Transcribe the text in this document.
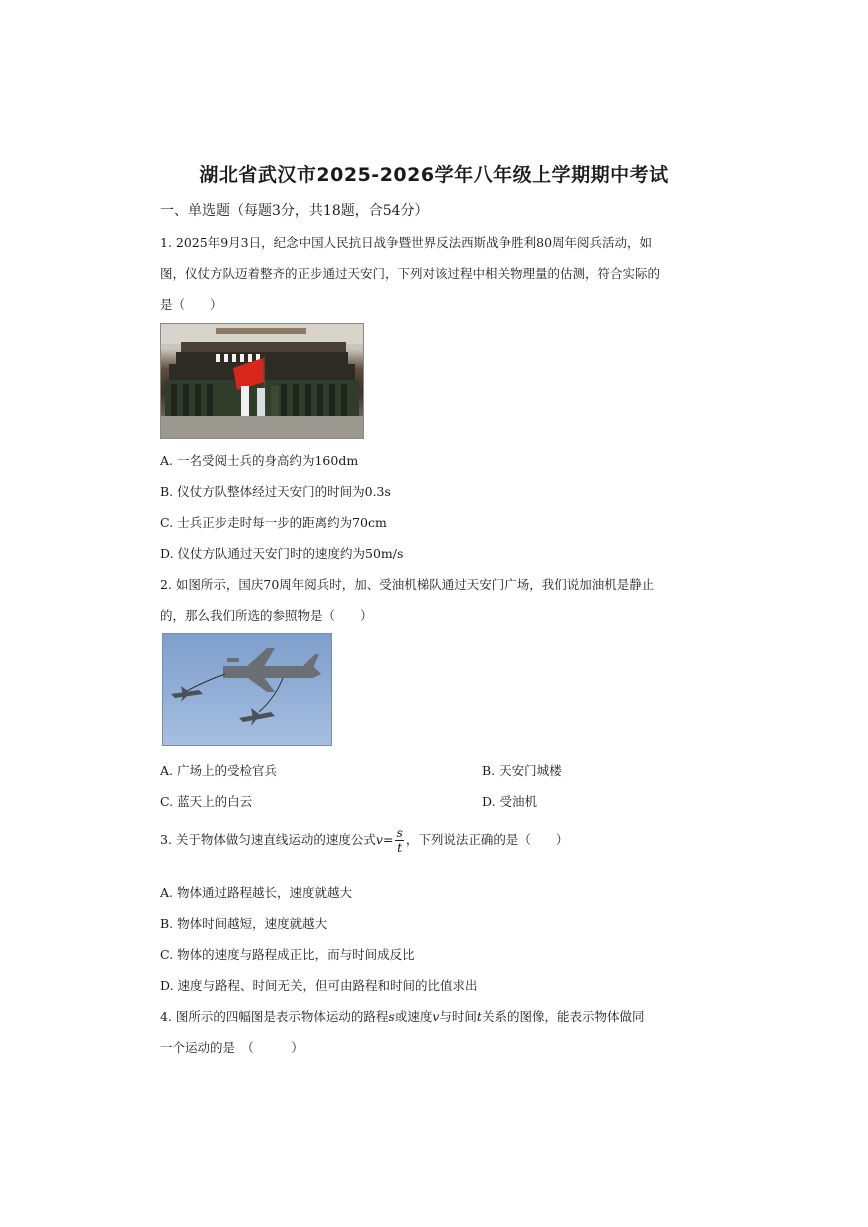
湖北省武汉市2025-2026学年八年级上学期期中考试
一、单选题（每题3分，共18题，合54分）
1. 2025年9月3日，纪念中国人民抗日战争暨世界反法西斯战争胜利80周年阅兵活动，如
图，仪仗方队迈着整齐的正步通过天安门，下列对该过程中相关物理量的估测，符合实际的
是（　　）
A. 一名受阅士兵的身高约为160dm
B. 仪仗方队整体经过天安门的时间为0.3s
C. 士兵正步走时每一步的距离约为70cm
D. 仪仗方队通过天安门时的速度约为50m/s
2. 如图所示，国庆70周年阅兵时，加、受油机梯队通过天安门广场，我们说加油机是静止
的，那么我们所选的参照物是（　　）
A. 广场上的受检官兵	B. 天安门城楼
C. 蓝天上的白云	D. 受油机
3. 关于物体做匀速直线运动的速度公式$v= \frac{s}{t}$ ，下列说法正确的是（　　）
A. 物体通过路程越长，速度就越大
B. 物体时间越短，速度就越大
C. 物体的速度与路程成正比，而与时间成反比
D. 速度与路程、时间无关，但可由路程和时间的比值求出
4. 图所示的四幅图是表示物体运动的路程s或速度v与时间t关系的图像，能表示物体做同
一个运动的是　（　　　）
